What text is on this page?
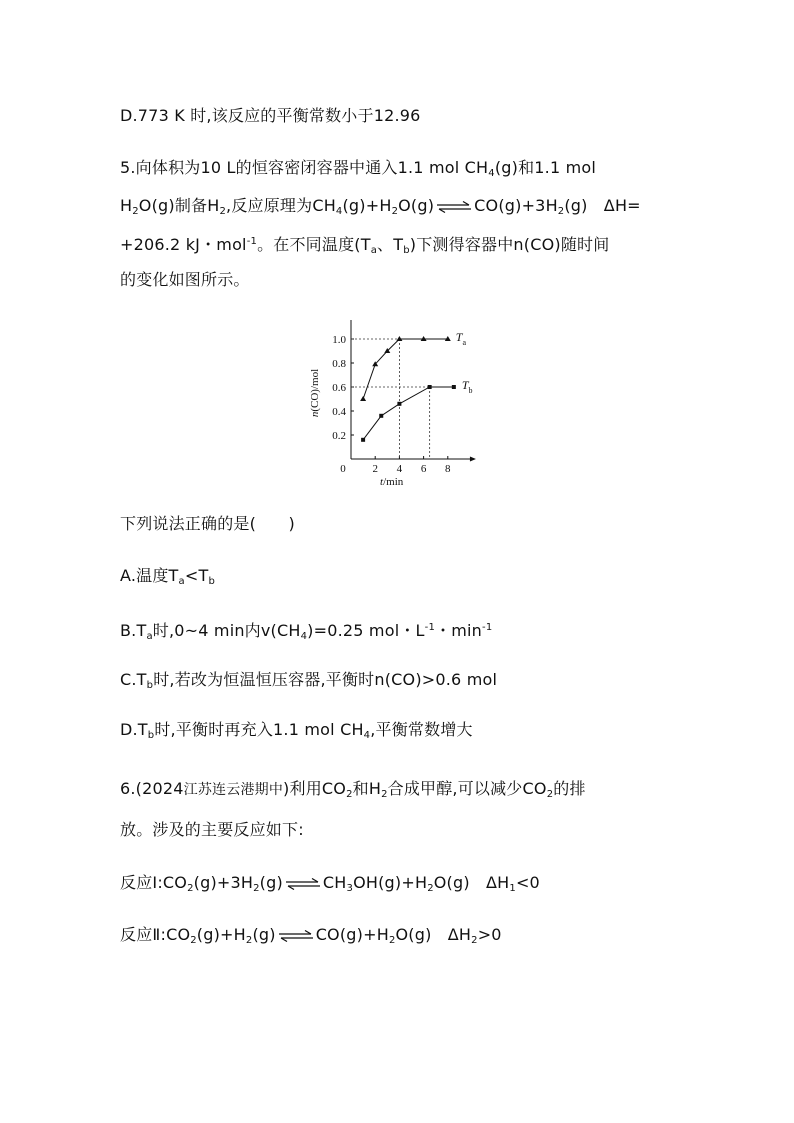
D.773 K 时,该反应的平衡常数小于12.96
5.向体积为10 L的恒容密闭容器中通入1.1 mol $CH_4(g)$和1.1 mol
$H_2O(g)$制备$H_2$,反应原理为$CH_4(g)+H_2O(g)$ ⇌ $CO(g)+3H_2(g)$　ΔH=
+206.2 kJ・mol$^{-1}$。在不同温度($T_a$、$T_b$)下测得容器中n(CO)随时间
的变化如图所示。
0 2 4 6 8
0.2
0.4
0.6
0.8
1.0	$T_a$
$T_b$
t/min
n(CO)/mol
下列说法正确的是(　　)
A.温度$T_a<T_b$
$B.T_a$时,0~4 min内$v(CH_4)=0.25$ mol・$L^{-1}$・$\min^{-1}$
$C.T_b$时,若改为恒温恒压容器,平衡时n(CO)>0.6 mol
$D.T_b$时,平衡时再充入1.1 mol $CH_4$,平衡常数增大
6.(2024江苏连云港期中)利用$CO_2$和$H_2$合成甲醇,可以减少$CO_2$的排
放。涉及的主要反应如下:
反应$Ⅰ:CO_2(g)+3H_2(g)$ ⇌ $CH_3OH(g)+H_2O(g)$　$\Delta H_1<0$
反应$Ⅱ:CO_2(g)+H_2(g)$ ⇌ $CO(g)+H_2O(g)$　$\Delta H_2>0$
